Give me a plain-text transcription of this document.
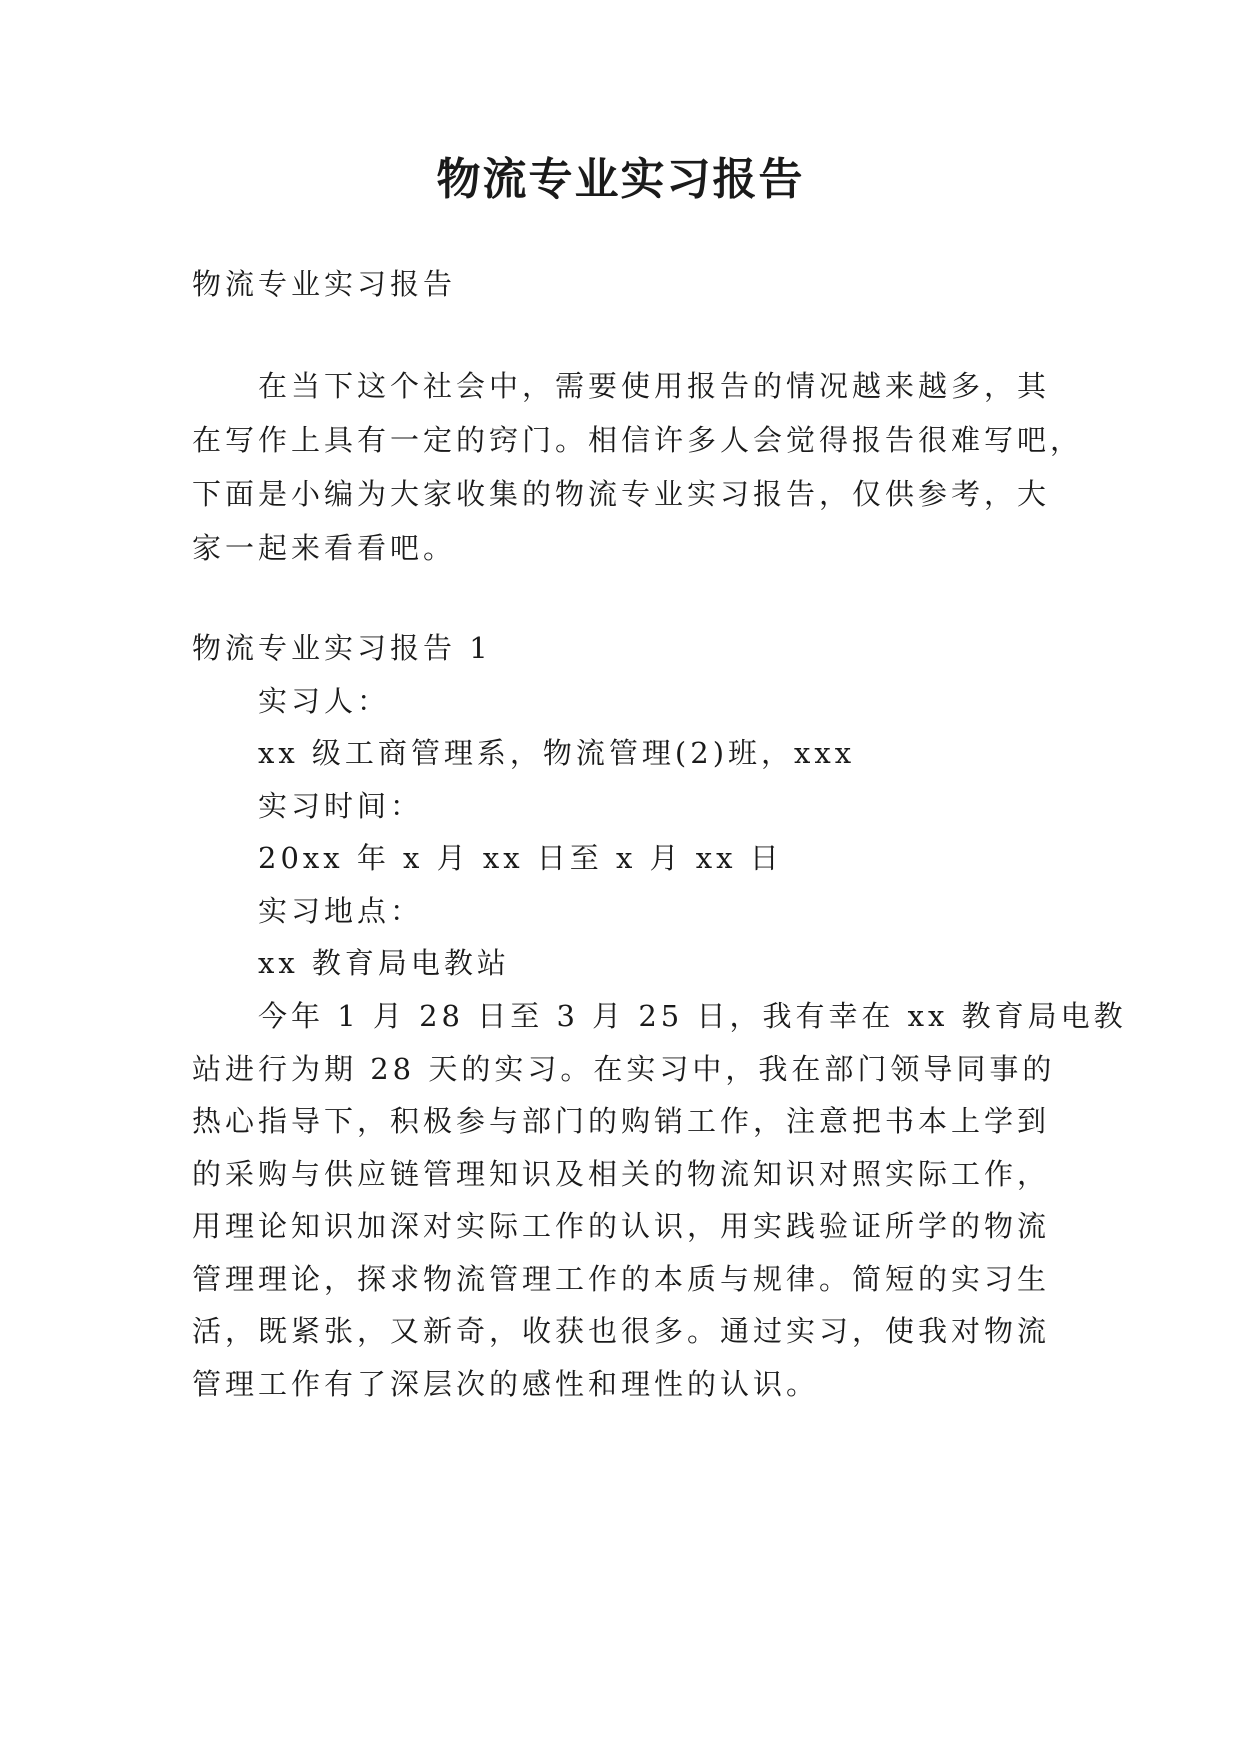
物流专业实习报告
物流专业实习报告
在当下这个社会中，需要使用报告的情况越来越多，其
在写作上具有一定的窍门。相信许多人会觉得报告很难写吧，
下面是小编为大家收集的物流专业实习报告，仅供参考，大
家一起来看看吧。
物流专业实习报告 1
实习人：
xx 级工商管理系，物流管理(2)班，xxx
实习时间：
20xx 年 x 月 xx 日至 x 月 xx 日
实习地点：
xx 教育局电教站
今年 1 月 28 日至 3 月 25 日，我有幸在 xx 教育局电教
站进行为期 28 天的实习。在实习中，我在部门领导同事的
热心指导下，积极参与部门的购销工作，注意把书本上学到
的采购与供应链管理知识及相关的物流知识对照实际工作，
用理论知识加深对实际工作的认识，用实践验证所学的物流
管理理论，探求物流管理工作的本质与规律。简短的实习生
活，既紧张，又新奇，收获也很多。通过实习，使我对物流
管理工作有了深层次的感性和理性的认识。
